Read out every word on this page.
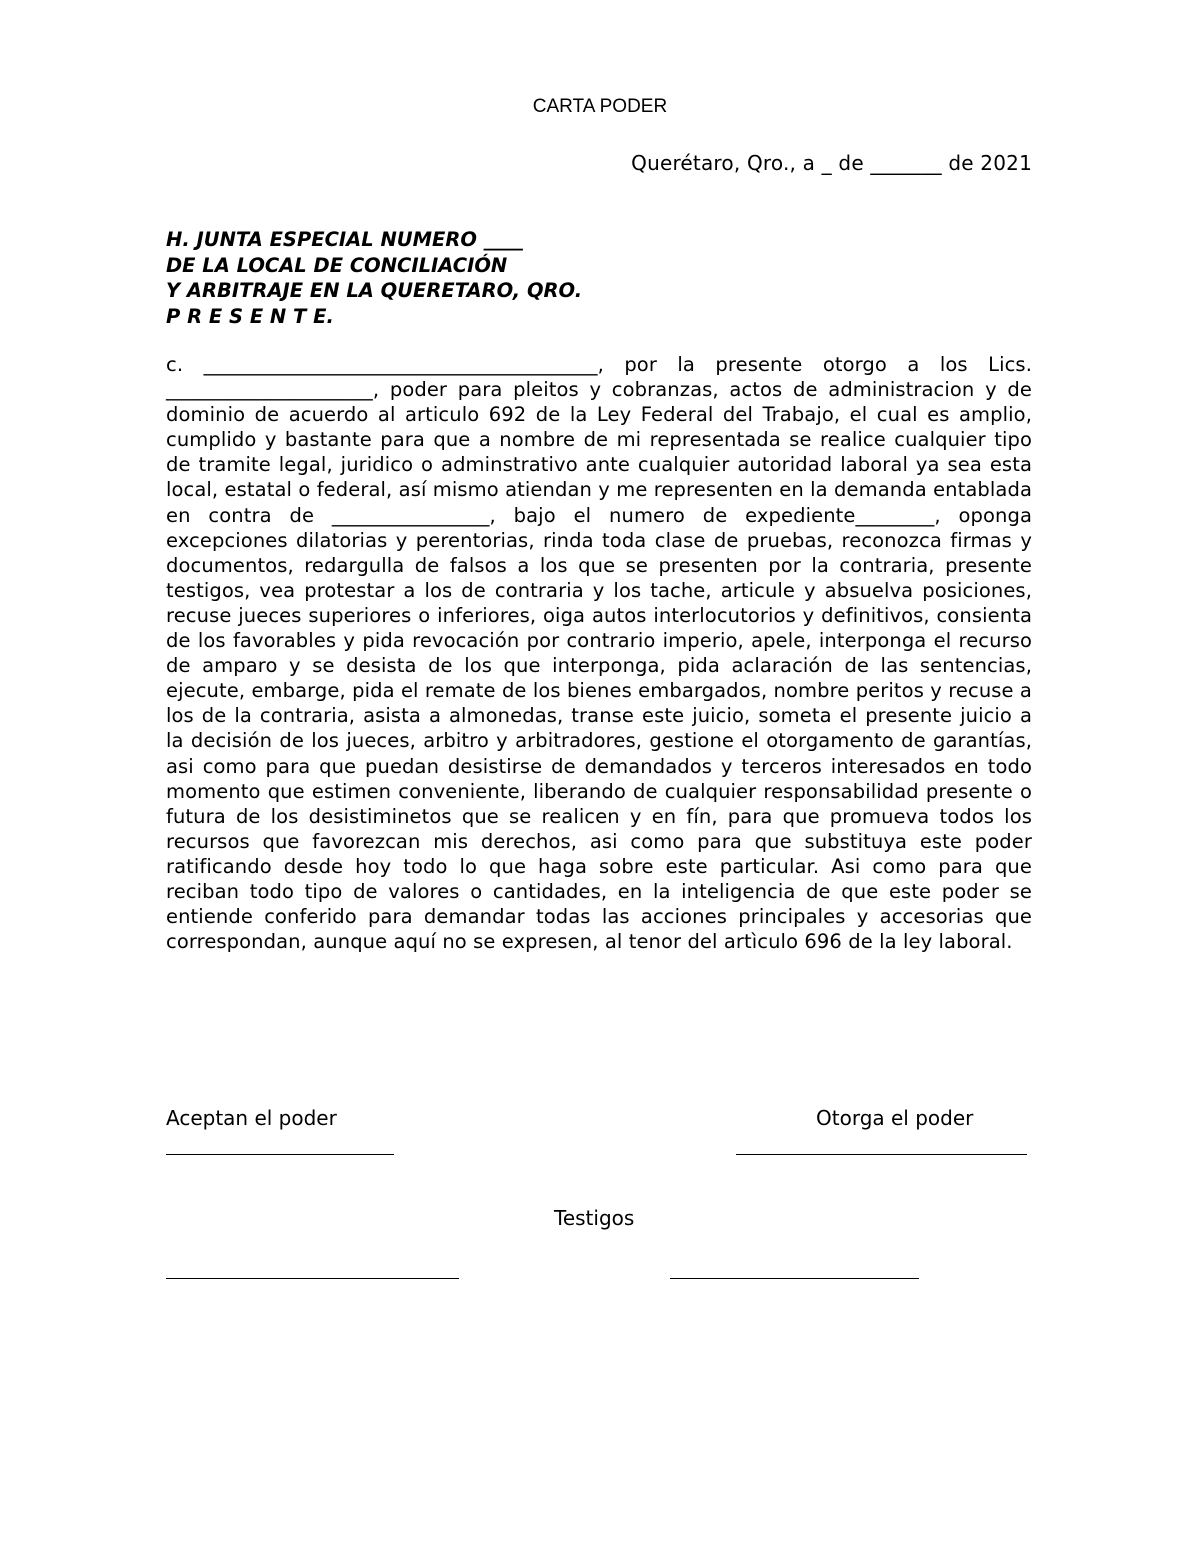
CARTA PODER
Querétaro, Qro., a _ de _______ de 2021
H. JUNTA ESPECIAL NUMERO ____
DE LA LOCAL DE CONCILIACIÓN
Y ARBITRAJE EN LA QUERETARO, QRO.
P R E S E N T E.
c. ________________________________________, por la presente otorgo a los Lics. _____________________, poder para pleitos y cobranzas, actos de administracion y de dominio de acuerdo al articulo 692 de la Ley Federal del Trabajo, el cual es amplio, cumplido y bastante para que a nombre de mi representada se realice cualquier tipo de tramite legal, juridico o adminstrativo ante cualquier autoridad laboral ya sea esta local, estatal o federal, así mismo atiendan y me representen en la demanda entablada en contra de ________________, bajo el numero de expediente________, oponga excepciones dilatorias y perentorias, rinda toda clase de pruebas, reconozca firmas y documentos, redargulla de falsos a los que se presenten por la contraria, presente testigos, vea protestar a los de contraria y los tache, articule y absuelva posiciones, recuse jueces superiores o inferiores, oiga autos interlocutorios y definitivos, consienta de los favorables y pida revocación por contrario imperio, apele, interponga el recurso de amparo y se desista de los que interponga, pida aclaración de las sentencias, ejecute, embarge, pida el remate de los bienes embargados, nombre peritos y recuse a los de la contraria, asista a almonedas, transe este juicio, someta el presente juicio a la decisión de los jueces, arbitro y arbitradores, gestione el otorgamento de garantías, asi como para que puedan desistirse de demandados y terceros interesados en todo momento que estimen conveniente, liberando de cualquier responsabilidad presente o futura de los desistiminetos que se realicen y en fín, para que promueva todos los recursos que favorezcan mis derechos, asi como para que substituya este poder ratificando desde hoy todo lo que haga sobre este particular. Asi como para que reciban todo tipo de valores o cantidades, en la inteligencia de que este poder se entiende conferido para demandar todas las acciones principales y accesorias que correspondan, aunque aquí no se expresen, al tenor del artìculo 696 de la ley laboral.
Aceptan el poder	Otorga el poder
Testigos
